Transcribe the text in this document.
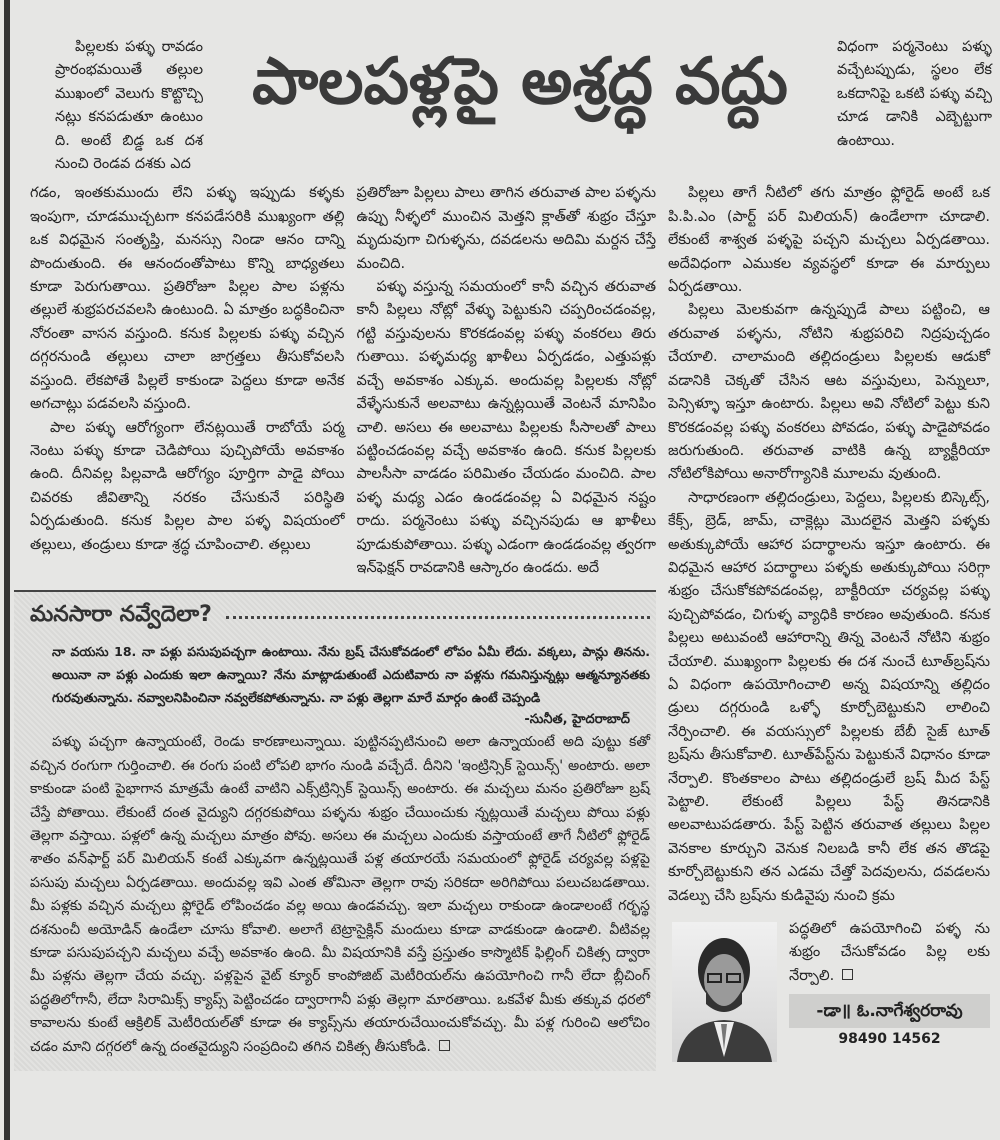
పిల్లలకు పళ్ళు రావడం ప్రారంభమయితే తల్లుల ముఖంలో వెలుగు కొట్టొచ్చి నట్లు కనపడుతూ ఉంటుం ది. అంటే బిడ్డ ఒక దశ నుంచి రెండవ దశకు ఎద

పాలపళ్లపై అశ్రద్ధ వద్దు	విధంగా పర్మనెంటు పళ్ళు వచ్చేటప్పుడు, స్థలం లేక ఒకదానిపై ఒకటి పళ్ళు వచ్చి చూడ డానికి ఎబ్బెట్టుగా ఉంటాయి.

గడం, ఇంతకుముందు లేని పళ్ళు ఇప్పుడు కళ్ళకు ఇంపుగా, చూడముచ్చటగా కనపడేసరికి ముఖ్యంగా తల్లి ఒక విధమైన సంతృప్తి, మనస్సు నిండా ఆనం దాన్ని పొందుతుంది. ఈ ఆనందంతోపాటు కొన్ని బాధ్యతలు కూడా పెరుగుతాయి. ప్రతిరోజూ పిల్లల పాల పళ్లను తల్లులే శుభ్రపరచవలసి ఉంటుంది. ఏ మాత్రం బద్ధకించినా నోరంతా వాసన వస్తుంది. కనుక పిల్లలకు పళ్ళు వచ్చిన దగ్గరనుండి తల్లులు చాలా జాగ్రత్తలు తీసుకోవలసి వస్తుంది. లేకపోతే పిల్లలే కాకుండా పెద్దలు కూడా అనేక అగచాట్లు పడవలసి వస్తుంది.

పాల పళ్ళు ఆరోగ్యంగా లేనట్లయితే రాబోయే పర్మ నెంటు పళ్ళు కూడా చెడిపోయి పుచ్చిపోయే అవకాశం ఉంది. దీనివల్ల పిల్లవాడి ఆరోగ్యం పూర్తిగా పాడై పోయి చివరకు జీవితాన్ని నరకం చేసుకునే పరిస్థితి ఏర్పడుతుంది. కనుక పిల్లల పాల పళ్ళ విషయంలో తల్లులు, తండ్రులు కూడా శ్రద్ధ చూపించాలి. తల్లులు

ప్రతిరోజూ పిల్లలు పాలు తాగిన తరువాత పాల పళ్ళను ఉప్పు నీళ్ళలో ముంచిన మెత్తని క్లాత్‌తో శుభ్రం చేస్తూ మృదువుగా చిగుళ్ళను, దవడలను అదిమి మర్దన చేస్తే మంచిది.

పళ్ళు వస్తున్న సమయంలో కానీ వచ్చిన తరువాత కానీ పిల్లలు నోట్లో వేళ్ళు పెట్టుకుని చప్పరించడంవల్ల, గట్టి వస్తువులను కొరకడంవల్ల పళ్ళు వంకరలు తిరు గుతాయి. పళ్ళమధ్య ఖాళీలు ఏర్పడడం, ఎత్తుపళ్లు వచ్చే అవకాశం ఎక్కువ. అందువల్ల పిల్లలకు నోట్లో వేళ్ళేసుకునే అలవాటు ఉన్నట్లయితే వెంటనే మానిపిం చాలి. అసలు ఈ అలవాటు పిల్లలకు సీసాలతో పాలు పట్టించడంవల్ల వచ్చే అవకాశం ఉంది. కనుక పిల్లలకు పాలసీసా వాడడం పరిమితం చేయడం మంచిది. పాల పళ్ళ మధ్య ఎడం ఉండడంవల్ల ఏ విధమైన నష్టం రాదు. పర్మనెంటు పళ్ళు వచ్చినపుడు ఆ ఖాళీలు పూడుకుపోతాయి. పళ్ళు ఎడంగా ఉండడంవల్ల త్వరగా ఇన్‌ఫెక్షన్ రావడానికి ఆస్కారం ఉండదు. అదే

మనసారా నవ్వేదెలా?
నా వయసు 18. నా పళ్లు పసుపుపచ్చగా ఉంటాయి. నేను బ్రష్ చేసుకోవడంలో లోపం ఏమీ లేదు. వక్కలు, పాన్లు తినను. అయినా నా పళ్లు ఎందుకు ఇలా ఉన్నాయి? నేను మాట్లాడుతుంటే ఎదుటివారు నా పళ్లను గమనిస్తున్నట్లు ఆత్మన్యూనతకు గురవుతున్నాను. నవ్వాలనిపించినా నవ్వలేకపోతున్నాను. నా పళ్లు తెల్లగా మారే మార్గం ఉంటే చెప్పండి
-సునీత, హైదరాబాద్

పళ్ళు పచ్చగా ఉన్నాయంటే, రెండు కారణాలున్నాయి. పుట్టినప్పటినుంచి అలా ఉన్నాయంటే అది పుట్టు కతో వచ్చిన రంగుగా గుర్తించాలి. ఈ రంగు పంటి లోపలి భాగం నుండి వచ్చేదే. దీనిని 'ఇంట్రిన్సిక్ స్టెయిన్స్' అంటారు. అలా కాకుండా పంటి పైభాగాన మాత్రమే ఉంటే వాటిని ఎక్స్‌ట్రిన్సిక్ స్టెయిన్స్ అంటారు. ఈ మచ్చలు మనం ప్రతిరోజూ బ్రష్ చేస్తే పోతాయి. లేకుంటే దంత వైద్యుని దగ్గరకుపోయి పళ్ళను శుభ్రం చేయించుకు న్నట్లయితే మచ్చలు పోయి పళ్లు తెల్లగా వస్తాయి. పళ్లలో ఉన్న మచ్చలు మాత్రం పోవు. అసలు ఈ మచ్చలు ఎందుకు వస్తాయంటే తాగే నీటిలో ఫ్లోరైడ్ శాతం వన్‌ఫార్ట్ పర్ మిలియన్ కంటే ఎక్కువగా ఉన్నట్లయితే పళ్ల తయారయే సమయంలో ఫ్లోరైడ్ చర్యవల్ల పళ్లపై పసుపు మచ్చలు ఏర్పడతాయి. అందువల్ల ఇవి ఎంత తోమినా తెల్లగా రావు సరికదా అరిగిపోయి పలుచబడతాయి. మీ పళ్లకు వచ్చిన మచ్చలు ఫ్లోరైడ్ లోపించడం వల్ల అయి ఉండవచ్చు. ఇలా మచ్చలు రాకుండా ఉండాలంటే గర్భస్థ దశనుంచీ అయోడిన్ ఉండేలా చూసు కోవాలి. అలాగే టెట్రాసైక్లిన్ మందులు కూడా వాడకుండా ఉండాలి. వీటివల్ల కూడా పసుపుపచ్చని మచ్చలు వచ్చే అవకాశం ఉంది. మీ విషయానికి వస్తే ప్రస్తుతం కాస్మొటిక్ ఫిల్లింగ్ చికిత్స ద్వారా మీ పళ్లను తెల్లగా చేయ వచ్చు. పళ్లపైన వైట్ క్యూర్ కాంపోజిట్ మెటీరియల్‌ను ఉపయోగించి గానీ లేదా బ్లీచింగ్ పద్ధతిలోగానీ, లేదా సిరామిక్స్ క్యాప్స్ పెట్టించడం ద్వారాగానీ పళ్లు తెల్లగా మారతాయి. ఒకవేళ మీకు తక్కువ ధరలో కావాలను కుంటే ఆక్రిలిక్ మెటీరియల్‌తో కూడా ఈ క్యాప్స్‌ను తయారుచేయించుకోవచ్చు. మీ పళ్ల గురించి ఆలోచిం చడం మాని దగ్గరలో ఉన్న దంతవైద్యుని సంప్రదించి తగిన చికిత్స తీసుకోండి.

పిల్లలు తాగే నీటిలో తగు మాత్రం ఫ్లోరైడ్ అంటే ఒక పి.పి.ఎం (పార్ట్ పర్ మిలియన్) ఉండేలాగా చూడాలి. లేకుంటే శాశ్వత పళ్ళపై పచ్చని మచ్చలు ఏర్పడతాయి. అదేవిధంగా ఎముకల వ్యవస్థలో కూడా ఈ మార్పులు ఏర్పడతాయి.

పిల్లలు మెలకువగా ఉన్నప్పుడే పాలు పట్టించి, ఆ తరువాత పళ్ళను, నోటిని శుభ్రపరిచి నిద్రపుచ్చడం చేయాలి. చాలామంది తల్లిదండ్రులు పిల్లలకు ఆడుకో వడానికి చెక్కతో చేసిన ఆట వస్తువులు, పెన్నులూ, పెన్సిళ్ళూ ఇస్తూ ఉంటారు. పిల్లలు అవి నోటిలో పెట్టు కుని కొరకడంవల్ల పళ్ళు వంకరలు పోవడం, పళ్ళు పాడైపోవడం జరుగుతుంది. తరువాత వాటికి ఉన్న బ్యాక్టీరియా నోటిలోకిపోయి అనారోగ్యానికి మూలమ వుతుంది.

సాధారణంగా తల్లిదండ్రులు, పెద్దలు, పిల్లలకు బిస్కెట్స్, కేక్స్, బ్రెడ్, జామ్, చాక్లెట్లు మొదలైన మెత్తని పళ్ళకు అతుక్కుపోయే ఆహార పదార్థాలను ఇస్తూ ఉంటారు. ఈ విధమైన ఆహార పదార్థాలు పళ్ళకు అతుక్కుపోయి సరిగ్గా శుభ్రం చేసుకోకపోవడంవల్ల, బాక్టీరియా చర్యవల్ల పళ్ళు పుచ్చిపోవడం, చిగుళ్ళ వ్యాధికి కారణం అవుతుంది. కనుక పిల్లలు అటువంటి ఆహారాన్ని తిన్న వెంటనే నోటిని శుభ్రం చేయాలి. ముఖ్యంగా పిల్లలకు ఈ దశ నుంచే టూత్‌బ్రష్‌ను ఏ విధంగా ఉపయోగించాలి అన్న విషయాన్ని తల్లిదం డ్రులు దగ్గరుండి ఒళ్ళో కూర్చోబెట్టుకుని లాలించి నేర్పించాలి. ఈ వయస్సులో పిల్లలకు బేబీ సైజ్ టూత్ బ్రష్‌ను తీసుకోవాలి. టూత్‌పేస్ట్‌ను పెట్టుకునే విధానం కూడా నేర్పాలి. కొంతకాలం పాటు తల్లిదండ్రులే బ్రష్ మీద పేస్ట్ పెట్టాలి. లేకుంటే పిల్లలు పేస్ట్ తినడానికి అలవాటుపడతారు. పేస్ట్ పెట్టిన తరువాత తల్లులు పిల్లల వెనకాల కూర్చుని వెనుక నిలబడి కానీ లేక తన తొడపై కూర్చోబెట్టుకుని తన ఎడమ చేత్తో పెదవులను, దవడలను వెడల్పు చేసి బ్రష్‌ను కుడివైపు నుంచి క్రమ

పద్ధతిలో ఉపయోగించి పళ్ళ ను శుభ్రం చేసుకోవడం పిల్ల లకు నేర్పాలి.

-డా॥ ఓ.నాగేశ్వరరావు
98490 14562
